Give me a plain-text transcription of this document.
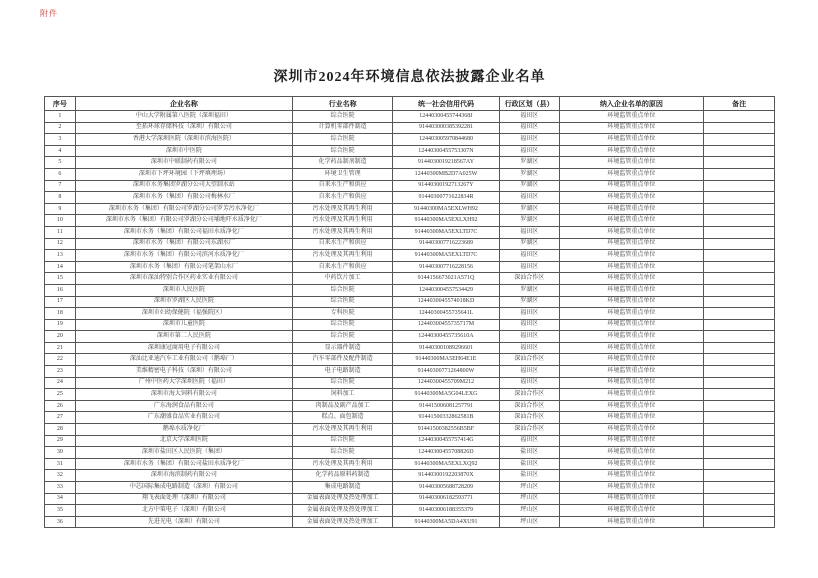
附件
深圳市2024年环境信息依法披露企业名单
序号	企业名称	行业名称	统一社会信用代码	行政区划（县）	纳入企业名单的原因	备注
1	中山大学附属第八医院（深圳福田）	综合医院	12440300455744368J	福田区	环境监管重点单位	
2	至拓环球存储科技（深圳）有限公司	计算机零部件制造	914403000385392281	福田区	环境监管重点单位	
3	香港大学深圳医院（深圳市滨海医院）	综合医院	124403005970844680	福田区	环境监管重点单位	
4	深圳市中医院	综合医院	12440300455753307N	福田区	环境监管重点单位	
5	深圳市中联制药有限公司	化学药品制剂制造	9144030019218567AY	罗湖区	环境监管重点单位	
6	深圳市下坪环境园（下坪填埋场）	环境卫生管理	12440300MB2D7A025W	罗湖区	环境监管重点单位	
7	深圳市水务集团罗湖分公司大望制水站	自来水生产和供应	91440300192713267Y	罗湖区	环境监管重点单位	
8	深圳市水务（集团）有限公司梅林水厂	自来水生产和供应	91440300771622834R	福田区	环境监管重点单位	
9	深圳市水务（集团）有限公司罗湖分公司罗芳污水净化厂	污水处理及其再生利用	91440300MA5EXLWH92	罗湖区	环境监管重点单位	
10	深圳市水务（集团）有限公司罗湖分公司埔地吓水质净化厂	污水处理及其再生利用	91440300MA5EXLXH92	罗湖区	环境监管重点单位	
11	深圳市水务（集团）有限公司福田水质净化厂	污水处理及其再生利用	91440300MA5EXLTD7C	福田区	环境监管重点单位	
12	深圳市水务（集团）有限公司东湖水厂	自来水生产和供应	914403007716223689	罗湖区	环境监管重点单位	
13	深圳市水务（集团）有限公司滨河水质净化厂	污水处理及其再生利用	91440300MA5EXLTD7C	福田区	环境监管重点单位	
14	深圳市水务（集团）有限公司笔架山水厂	自来水生产和供应	914403007716228156	福田区	环境监管重点单位	
15	深圳市深汕特别合作区药业实业有限公司	中药饮片加工	9144156673021A571Q	深汕合作区	环境监管重点单位	
16	深圳市人民医院	综合医院	124403004557534429	罗湖区	环境监管重点单位	
17	深圳市罗湖区人民医院	综合医院	1244030045574018KD	罗湖区	环境监管重点单位	
18	深圳市妇幼保健院（福强院区）	专科医院	12440300455735641L	福田区	环境监管重点单位	
19	深圳市儿童医院	综合医院	12440300455735717M	福田区	环境监管重点单位	
20	深圳市第二人民医院	综合医院	12440300455735610A	福田区	环境监管重点单位	
21	深圳康冠商用电子有限公司	显示器件制造	914403001089296601	福田区	环境监管重点单位	
22	深汕比亚迪汽车工业有限公司（鹅埠厂）	汽车零部件及配件制造	91440300MA5EH64E1E	深汕合作区	环境监管重点单位	
23	美维精密电子科技（深圳）有限公司	电子电路制造	91440300771264800W	福田区	环境监管重点单位	
24	广州中医药大学深圳医院（福田）	综合医院	12440300455709M212	福田区	环境监管重点单位	
25	深圳市海大饲料有限公司	饲料加工	91440300MA5G04LEXG	深汕合作区	环境监管重点单位	
26	广东海润食品有限公司	肉制品及副产品加工	914415006081257791	深汕合作区	环境监管重点单位	
27	广东潮盛食品实业有限公司	糕点、面包制造	91441500332862581B	深汕合作区	环境监管重点单位	
28	鹅埠水质净化厂	污水处理及其再生利用	91441500382556B5BF	深汕合作区	环境监管重点单位	
29	北京大学深圳医院	综合医院	12440300455757414G	福田区	环境监管重点单位	
30	深圳市盐田区人民医院（集团）	综合医院	12440300455708826D	盐田区	环境监管重点单位	
31	深圳市水务（集团）有限公司盐田水质净化厂	污水处理及其再生利用	91440300MA5EXLXQ92	盐田区	环境监管重点单位	
32	深圳市海滨制药有限公司	化学药品原料药制造	91440300192203870X	盐田区	环境监管重点单位	
33	中芯国际集成电路制造（深圳）有限公司	集成电路制造	914403005688728209	坪山区	环境监管重点单位	
34	翔飞表面处理（深圳）有限公司	金属表面处理及热处理加工	914403006182593771	坪山区	环境监管重点单位	
35	北方中策电子（深圳）有限公司	金属表面处理及热处理加工	914403006188355379	坪山区	环境监管重点单位	
36	先进光电（深圳）有限公司	金属表面处理及热处理加工	91440300MA5DA4XU91	坪山区	环境监管重点单位	
